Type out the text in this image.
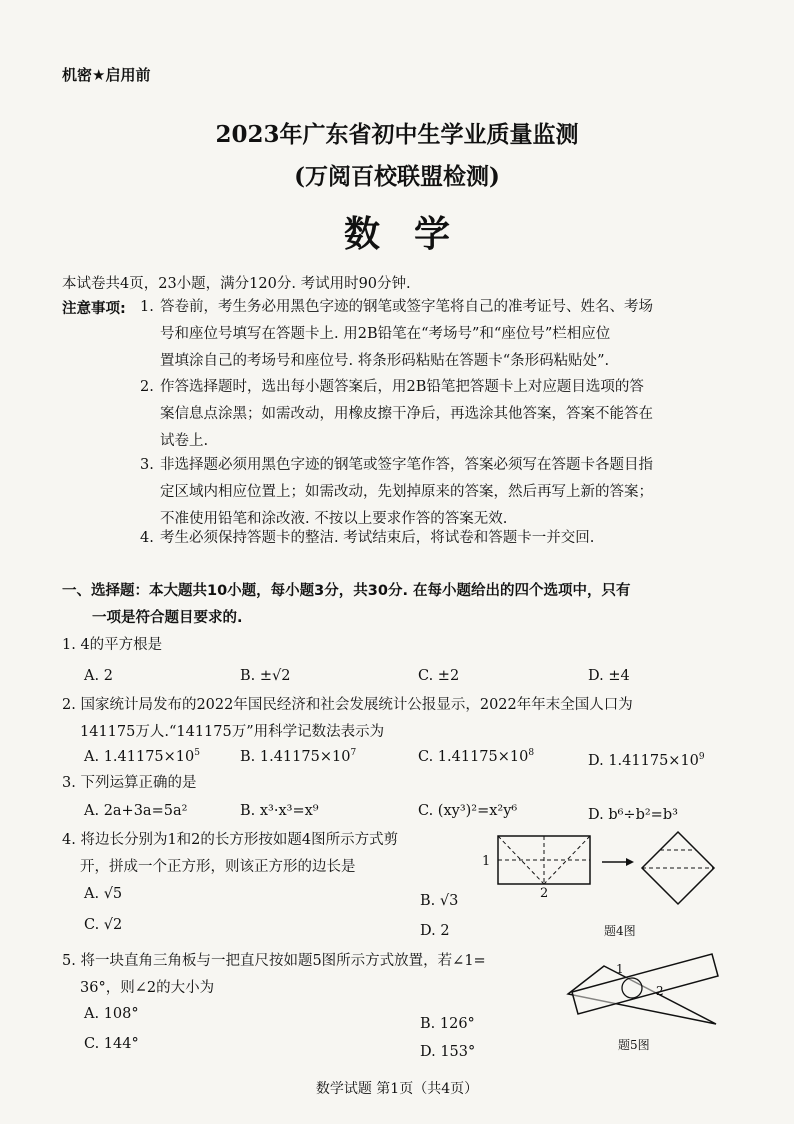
机密★启用前
2023年广东省初中生学业质量监测
(万阅百校联盟检测)
数学
本试卷共4页，23小题，满分120分. 考试用时90分钟.
注意事项: 1. 答卷前，考生务必用黑色字迹的钢笔或签字笔将自己的准考证号、姓名、考场
号和座位号填写在答题卡上. 用2B铅笔在“考场号”和“座位号”栏相应位
置填涂自己的考场号和座位号. 将条形码粘贴在答题卡“条形码粘贴处”.
2. 作答选择题时，选出每小题答案后，用2B铅笔把答题卡上对应题目选项的答
案信息点涂黑；如需改动，用橡皮擦干净后，再选涂其他答案，答案不能答在
试卷上.
3. 非选择题必须用黑色字迹的钢笔或签字笔作答，答案必须写在答题卡各题目指
定区域内相应位置上；如需改动，先划掉原来的答案，然后再写上新的答案；
不准使用铅笔和涂改液. 不按以上要求作答的答案无效.
4. 考生必须保持答题卡的整洁. 考试结束后，将试卷和答题卡一并交回.
一、选择题：本大题共10小题，每小题3分，共30分. 在每小题给出的四个选项中，只有
一项是符合题目要求的.
1. 4的平方根是
A. 2	B. ±√2	C. ±2	D. ±4
2. 国家统计局发布的2022年国民经济和社会发展统计公报显示，2022年年末全国人口为
141175万人.“141175万”用科学记数法表示为
A. $1.41175\times 10^5$	B. $1.41175\times 10^7$	C. $1.41175\times 10^8$	D. $1.41175\times 10^9$
3. 下列运算正确的是
A. 2a+3a=5a²	B. x³·x³=x⁹	C. (xy³)²=x²y⁶	D. b⁶÷b²=b³
4. 将边长分别为1和2的长方形按如题4图所示方式剪
开，拼成一个正方形，则该正方形的边长是
A. √5
C. √2
B. √3
D. 2
1
2
题4图
5. 将一块直角三角板与一把直尺按如题5图所示方式放置，若∠1=
36°，则∠2的大小为
A. 108°
C. 144°
B. 126°
D. 153°
1
2
题5图
数学试题 第1页（共4页）
